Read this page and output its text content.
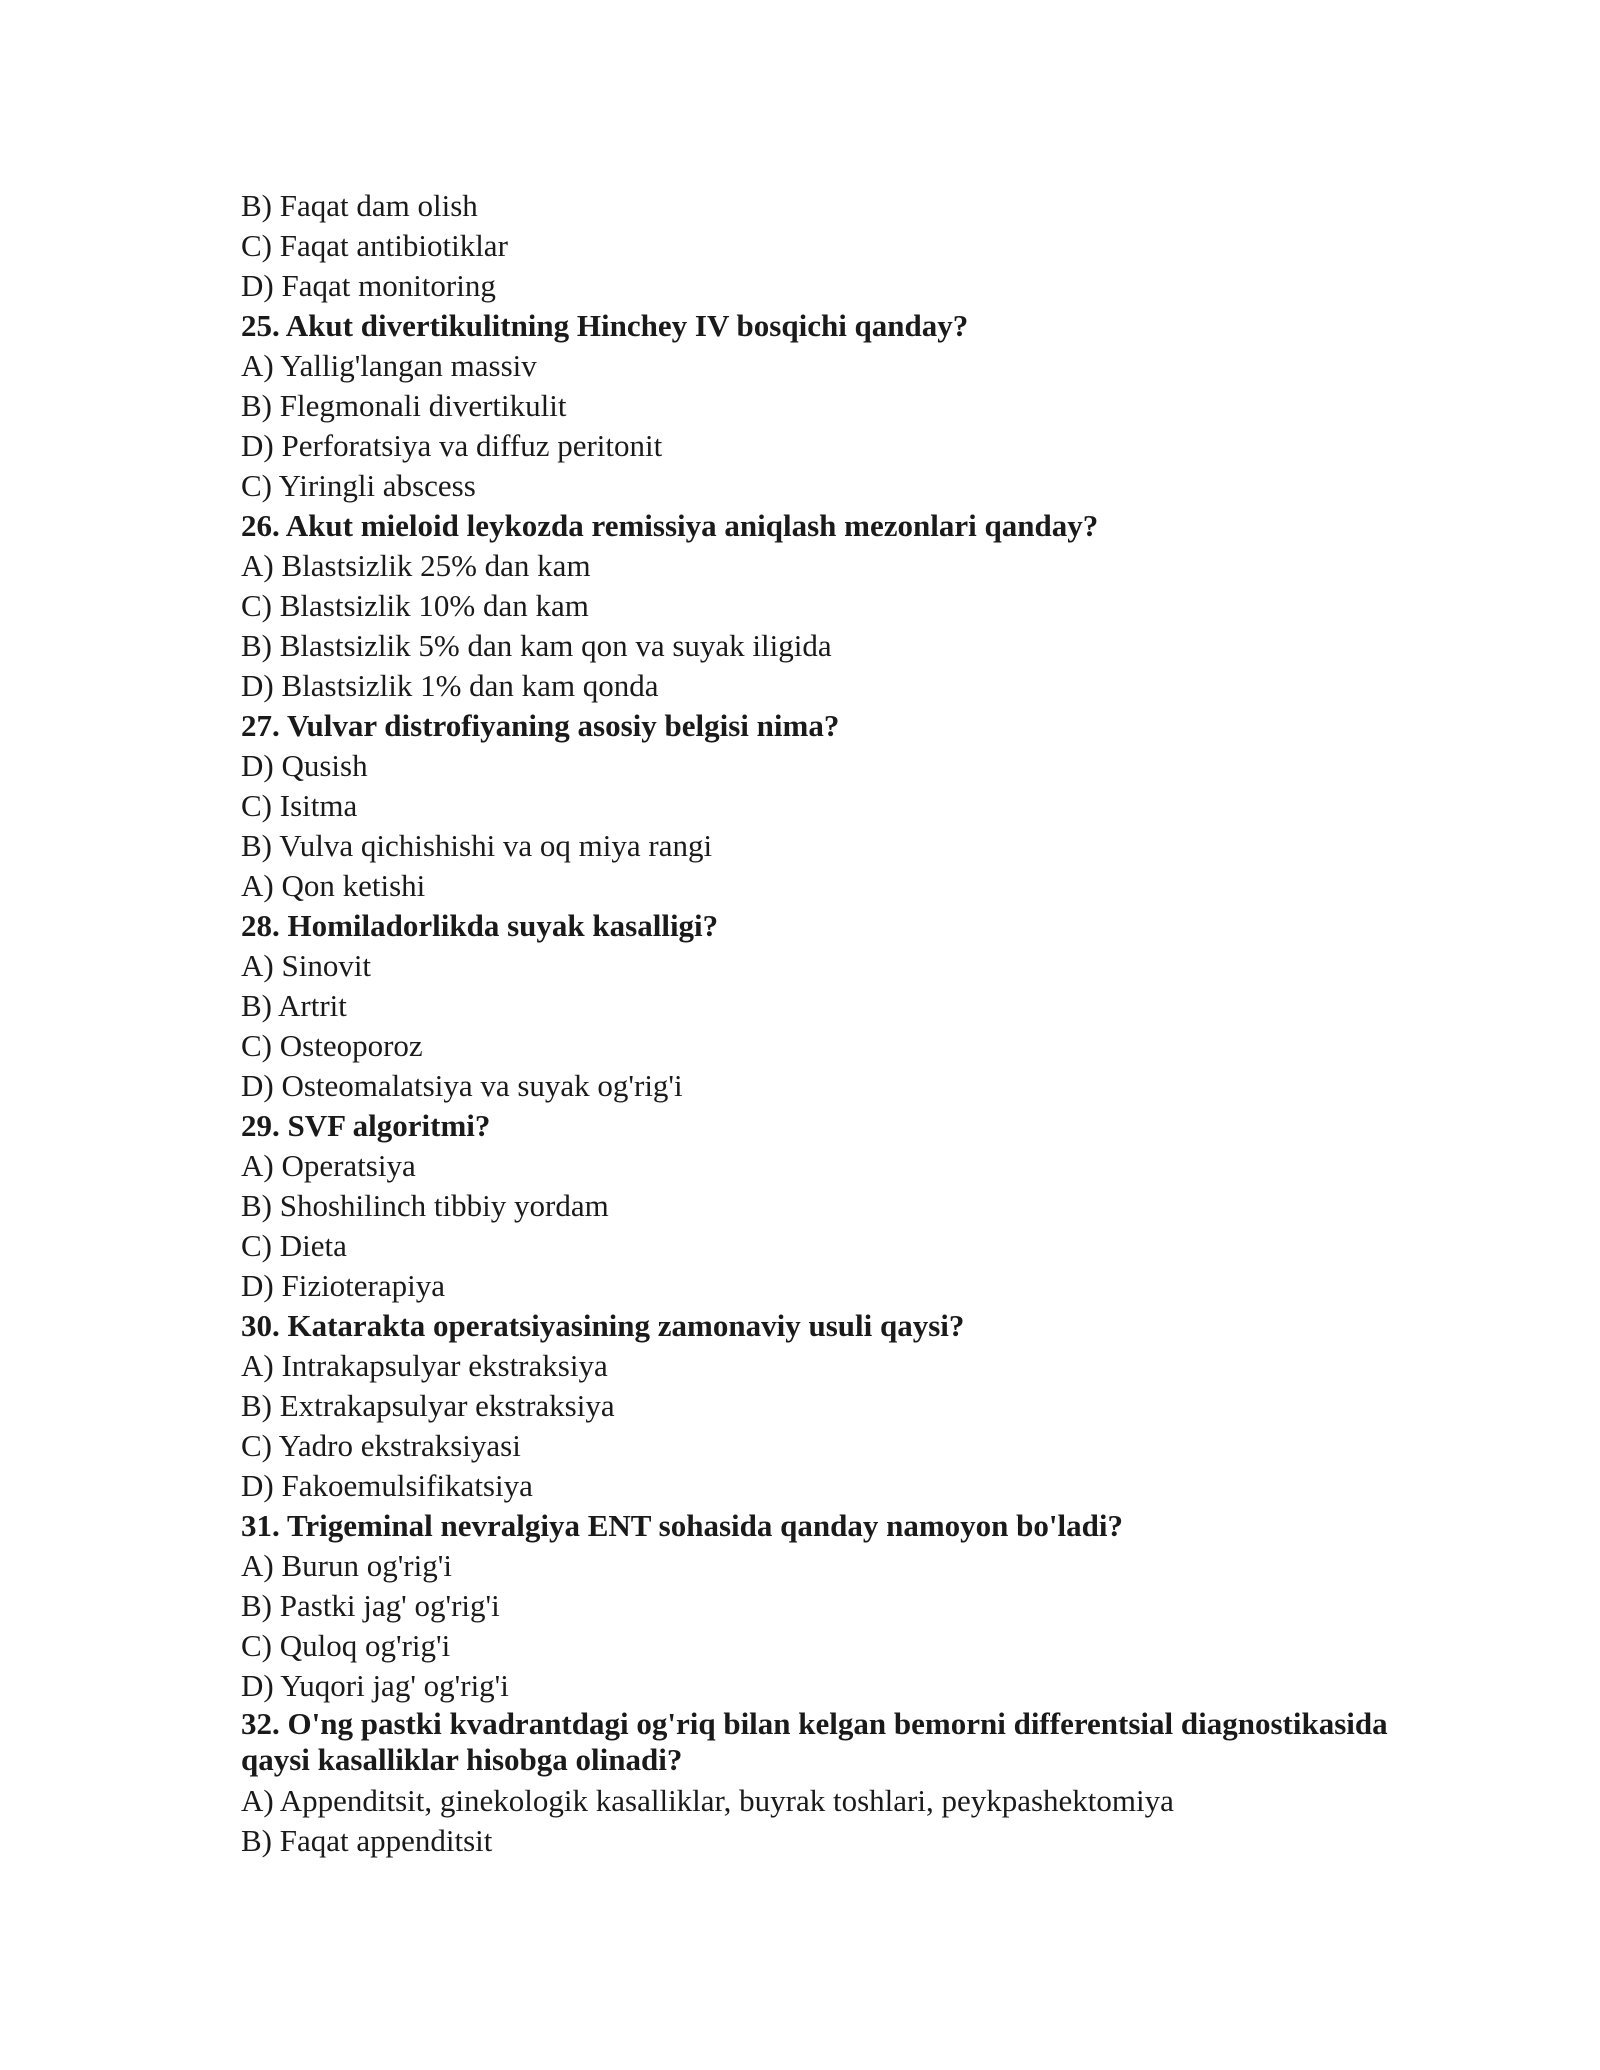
B) Faqat dam olish
C) Faqat antibiotiklar
D) Faqat monitoring
25. Akut divertikulitning Hinchey IV bosqichi qanday?
A) Yallig'langan massiv
B) Flegmonali divertikulit
D) Perforatsiya va diffuz peritonit
C) Yiringli abscess
26. Akut mieloid leykozda remissiya aniqlash mezonlari qanday?
A) Blastsizlik 25% dan kam
C) Blastsizlik 10% dan kam
B) Blastsizlik 5% dan kam qon va suyak iligida
D) Blastsizlik 1% dan kam qonda
27. Vulvar distrofiyaning asosiy belgisi nima?
D) Qusish
C) Isitma
B) Vulva qichishishi va oq miya rangi
A) Qon ketishi
28. Homiladorlikda suyak kasalligi?
A) Sinovit
B) Artrit
C) Osteoporoz
D) Osteomalatsiya va suyak og'rig'i
29. SVF algoritmi?
A) Operatsiya
B) Shoshilinch tibbiy yordam
C) Dieta
D) Fizioterapiya
30. Katarakta operatsiyasining zamonaviy usuli qaysi?
A) Intrakapsulyar ekstraksiya
B) Extrakapsulyar ekstraksiya
C) Yadro ekstraksiyasi
D) Fakoemulsifikatsiya
31. Trigeminal nevralgiya ENT sohasida qanday namoyon bo'ladi?
A) Burun og'rig'i
B) Pastki jag' og'rig'i
C) Quloq og'rig'i
D) Yuqori jag' og'rig'i
32. O'ng pastki kvadrantdagi og'riq bilan kelgan bemorni differentsial diagnostikasida qaysi kasalliklar hisobga olinadi?
A) Appenditsit, ginekologik kasalliklar, buyrak toshlari, peykpashektomiya
B) Faqat appenditsit
